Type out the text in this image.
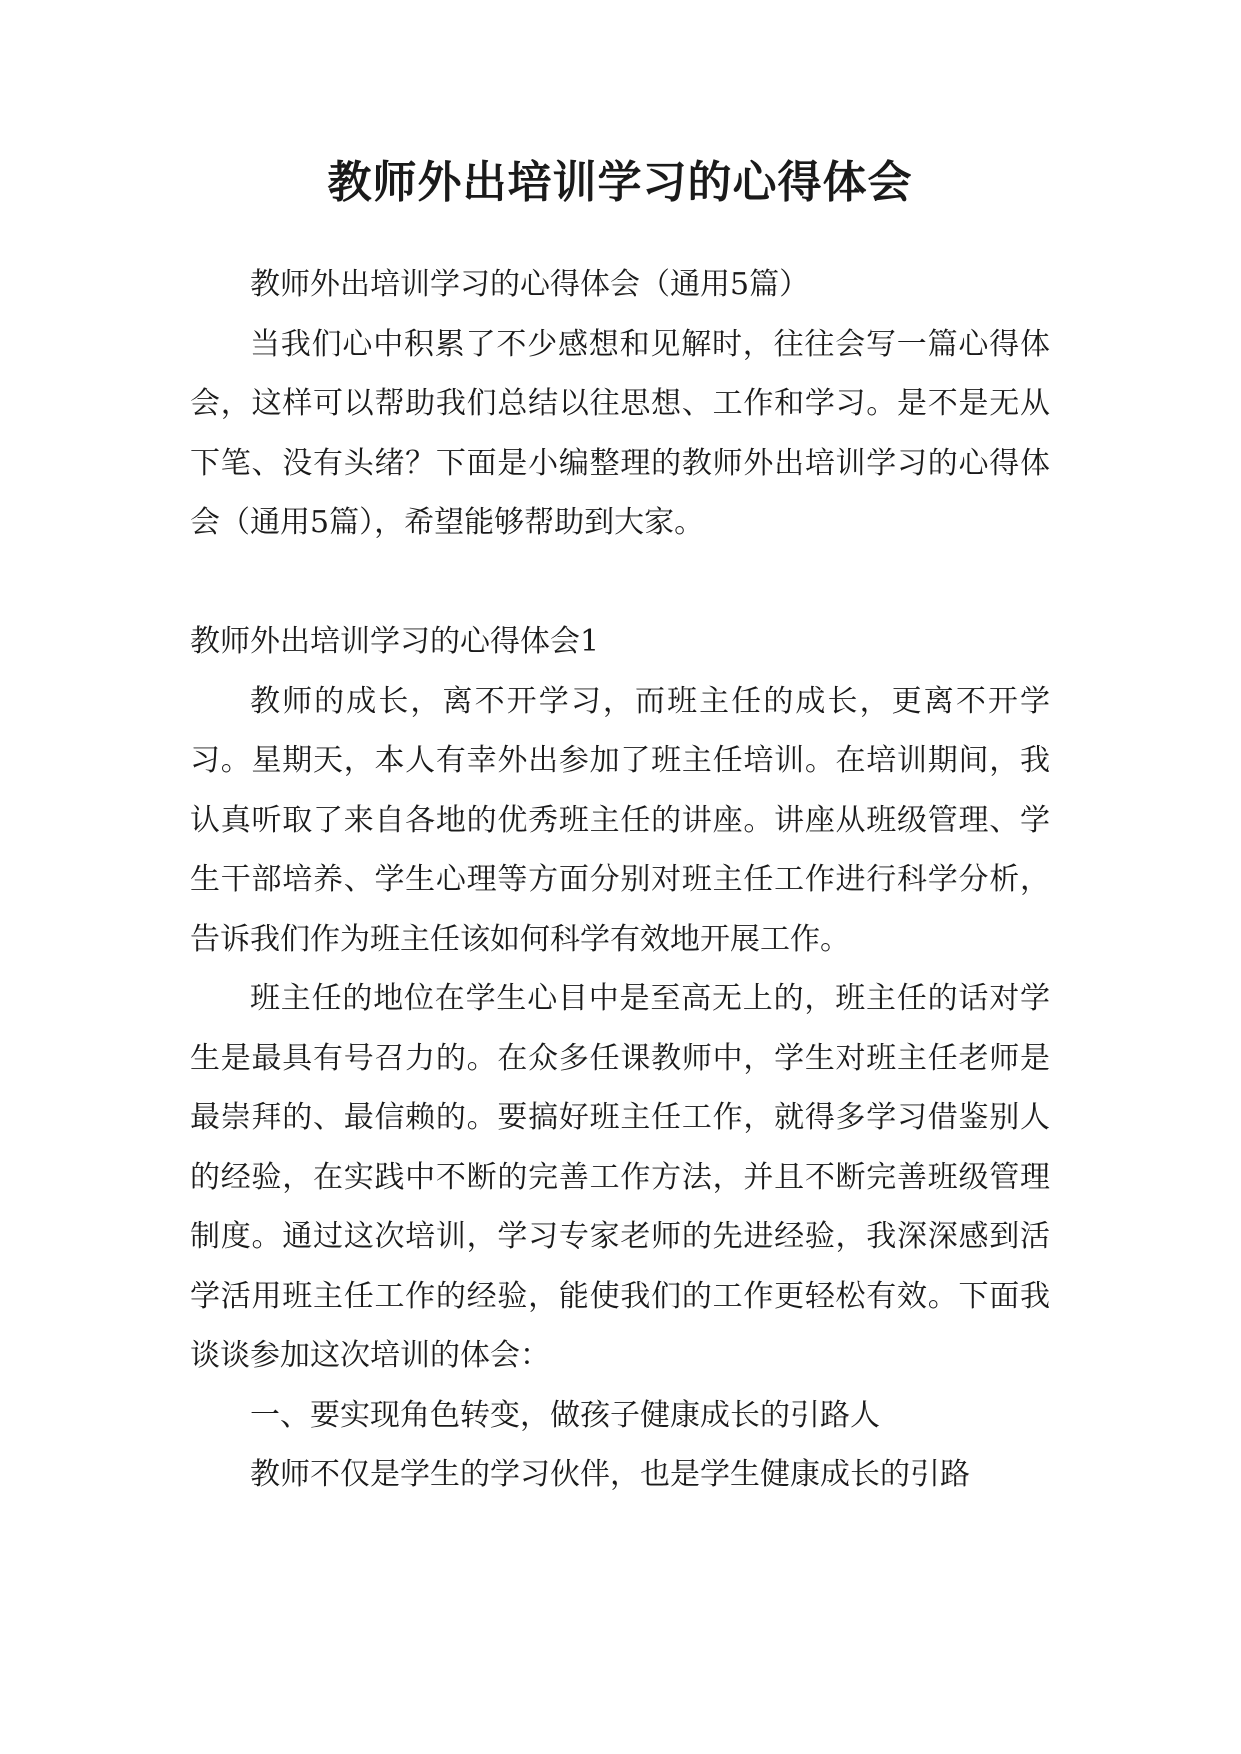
教师外出培训学习的心得体会

教师外出培训学习的心得体会（通用5篇）

当我们心中积累了不少感想和见解时，往往会写一篇心得体会，这样可以帮助我们总结以往思想、工作和学习。是不是无从下笔、没有头绪？下面是小编整理的教师外出培训学习的心得体会（通用5篇），希望能够帮助到大家。

教师外出培训学习的心得体会1

教师的成长，离不开学习，而班主任的成长，更离不开学习。星期天，本人有幸外出参加了班主任培训。在培训期间，我认真听取了来自各地的优秀班主任的讲座。讲座从班级管理、学生干部培养、学生心理等方面分别对班主任工作进行科学分析，告诉我们作为班主任该如何科学有效地开展工作。

班主任的地位在学生心目中是至高无上的，班主任的话对学生是最具有号召力的。在众多任课教师中，学生对班主任老师是最崇拜的、最信赖的。要搞好班主任工作，就得多学习借鉴别人的经验，在实践中不断的完善工作方法，并且不断完善班级管理制度。通过这次培训，学习专家老师的先进经验，我深深感到活学活用班主任工作的经验，能使我们的工作更轻松有效。下面我谈谈参加这次培训的体会：

一、要实现角色转变，做孩子健康成长的引路人

教师不仅是学生的学习伙伴，也是学生健康成长的引路
